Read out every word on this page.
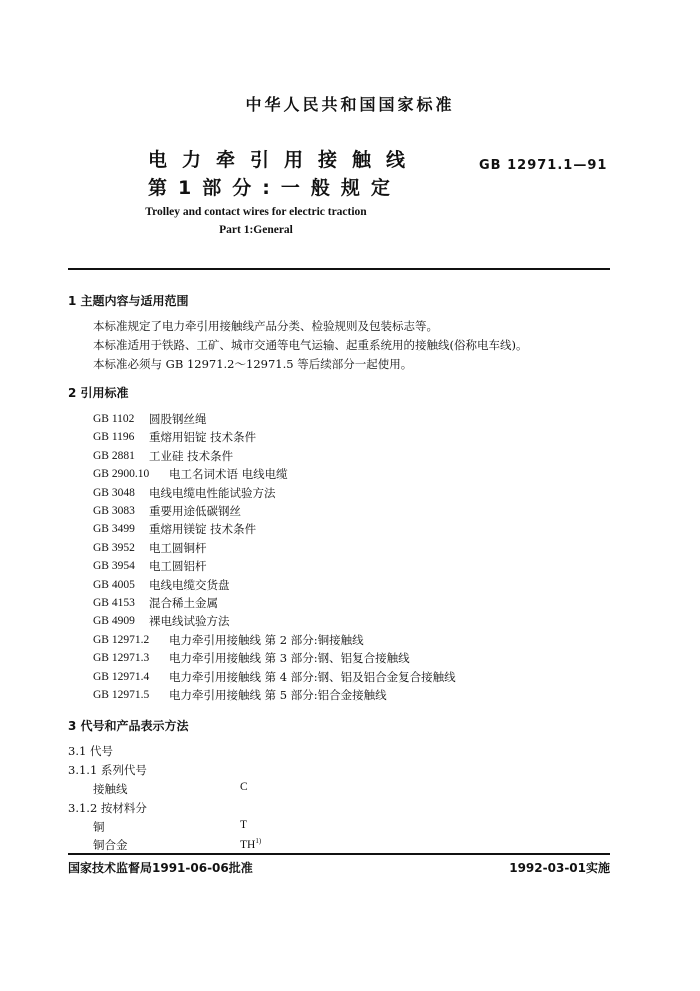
中华人民共和国国家标准
电力牵引用接触线
第1部分:一般规定
GB 12971.1—91
Trolley and contact wires for electric traction
Part 1:General
1 主题内容与适用范围
本标准规定了电力牵引用接触线产品分类、检验规则及包装标志等。
本标准适用于铁路、工矿、城市交通等电气运输、起重系统用的接触线(俗称电车线)。
本标准必须与 GB 12971.2～12971.5 等后续部分一起使用。
2 引用标准
GB 1102 圆股钢丝绳
GB 1196 重熔用铝锭 技术条件
GB 2881 工业硅 技术条件
GB 2900.10 电工名词术语 电线电缆
GB 3048 电线电缆电性能试验方法
GB 3083 重要用途低碳钢丝
GB 3499 重熔用镁锭 技术条件
GB 3952 电工圆铜杆
GB 3954 电工圆铝杆
GB 4005 电线电缆交货盘
GB 4153 混合稀土金属
GB 4909 裸电线试验方法
GB 12971.2 电力牵引用接触线 第 2 部分:铜接触线
GB 12971.3 电力牵引用接触线 第 3 部分:钢、铝复合接触线
GB 12971.4 电力牵引用接触线 第 4 部分:钢、铝及铝合金复合接触线
GB 12971.5 电力牵引用接触线 第 5 部分:铝合金接触线
3 代号和产品表示方法
3.1 代号
3.1.1 系列代号
接触线	C
3.1.2 按材料分
铜	T
铜合金	TH$^{1)}$
国家技术监督局1991-06-06批准	1992-03-01实施
